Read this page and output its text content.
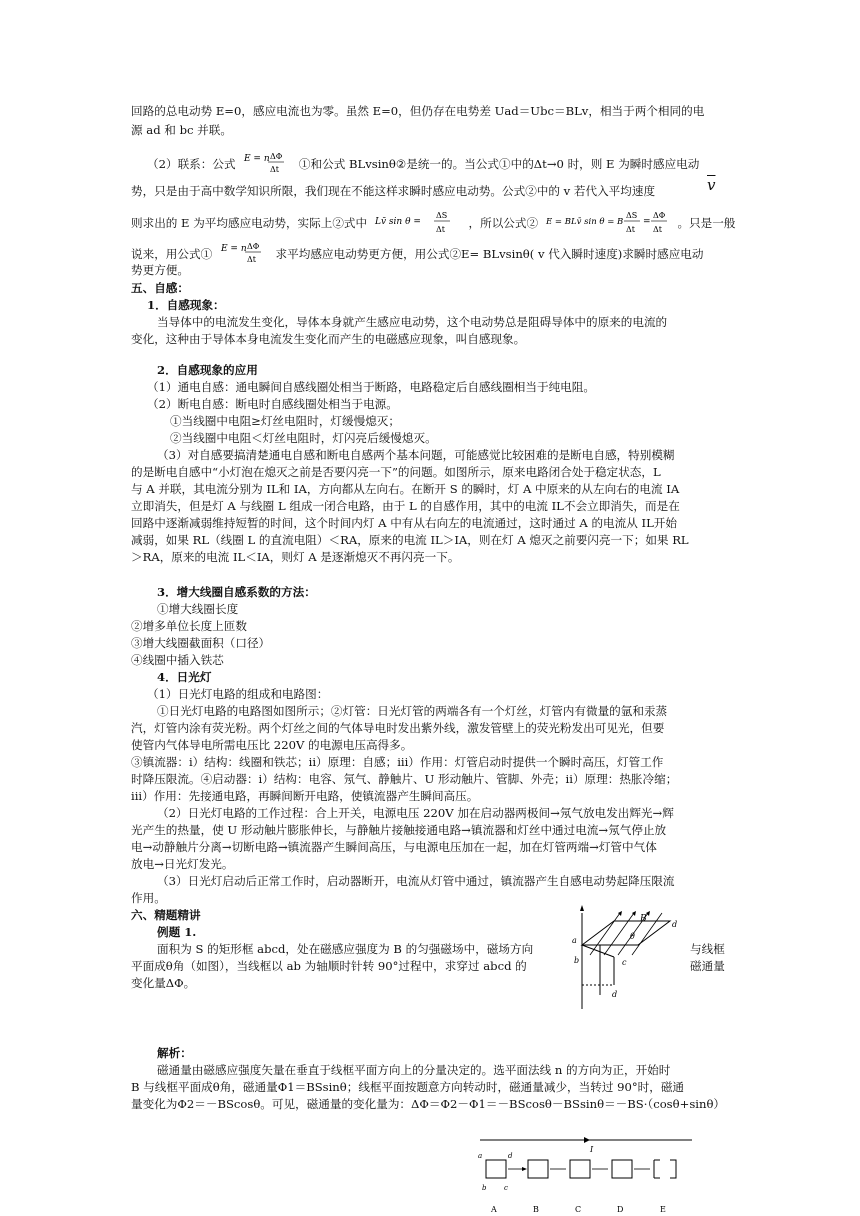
回路的总电动势 E=0，感应电流也为零。虽然 E=0，但仍存在电势差 Uad＝Ubc＝BLv，相当于两个相同的电
源 ad 和 bc 并联。
（2）联系：公式 E = n ΔΦ
Δt ①和公式 BLvsinθ②是统一的。当公式①中的Δt→0 时，则 E 为瞬时感应电动
势，只是由于高中数学知识所限，我们现在不能这样求瞬时感应电动势。公式②中的 v 若代入平均速度	$\overline{v}$
则求出的 E 为平均感应电动势，实际上②式中 Lv̄ sin θ =
ΔS
Δt ，所以公式② E = BLv̄ sin θ = B
ΔS
Δt
=
ΔΦ
Δt 。只是一般
说来，用公式① E = n ΔΦ
Δt 求平均感应电动势更方便，用公式②E= BLvsinθ( v 代入瞬时速度)求瞬时感应电动
势更方便。
五、自感：
1．自感现象：
当导体中的电流发生变化，导体本身就产生感应电动势，这个电动势总是阻碍导体中的原来的电流的
变化，这种由于导体本身电流发生变化而产生的电磁感应现象，叫自感现象。
2．自感现象的应用
（1）通电自感：通电瞬间自感线圈处相当于断路，电路稳定后自感线圈相当于纯电阻。
（2）断电自感：断电时自感线圈处相当于电源。
①当线圈中电阻≥灯丝电阻时，灯缓慢熄灭；
②当线圈中电阻＜灯丝电阻时，灯闪亮后缓慢熄灭。
（3）对自感要搞清楚通电自感和断电自感两个基本问题，可能感觉比较困难的是断电自感，特别模糊
的是断电自感中“小灯泡在熄灭之前是否要闪亮一下”的问题。如图所示，原来电路闭合处于稳定状态，L
与 A 并联，其电流分别为 IL和 IA，方向都从左向右。在断开 S 的瞬时，灯 A 中原来的从左向右的电流 IA
立即消失，但是灯 A 与线圈 L 组成一闭合电路，由于 L 的自感作用，其中的电流 IL不会立即消失，而是在
回路中逐渐减弱维持短暂的时间，这个时间内灯 A 中有从右向左的电流通过，这时通过 A 的电流从 IL开始
减弱，如果 RL（线圈 L 的直流电阻）＜RA，原来的电流 IL＞IA，则在灯 A 熄灭之前要闪亮一下；如果 RL
＞RA，原来的电流 IL＜IA，则灯 A 是逐渐熄灭不再闪亮一下。
3．增大线圈自感系数的方法：
①增大线圈长度
②增多单位长度上匝数
③增大线圈截面积（口径）
④线圈中插入铁芯
4．日光灯
（1）日光灯电路的组成和电路图：
①日光灯电路的电路图如图所示；②灯管：日光灯管的两端各有一个灯丝，灯管内有微量的氩和汞蒸
汽，灯管内涂有荧光粉。两个灯丝之间的气体导电时发出紫外线，激发管壁上的荧光粉发出可见光，但要
使管内气体导电所需电压比 220V 的电源电压高得多。
③镇流器：i）结构：线圈和铁芯；ii）原理：自感；iii）作用：灯管启动时提供一个瞬时高压，灯管工作
时降压限流。④启动器：i）结构：电容、氖气、静触片、U 形动触片、管脚、外壳；ii）原理：热胀冷缩；
iii）作用：先接通电路，再瞬间断开电路，使镇流器产生瞬间高压。
（2）日光灯电路的工作过程：合上开关，电源电压 220V 加在启动器两极间→氖气放电发出辉光→辉
光产生的热量，使 U 形动触片膨胀伸长，与静触片接触接通电路→镇流器和灯丝中通过电流→氖气停止放
电→动静触片分离→切断电路→镇流器产生瞬间高压，与电源电压加在一起，加在灯管两端→灯管中气体
放电→日光灯发光。
（3）日光灯启动后正常工作时，启动器断开，电流从灯管中通过，镇流器产生自感电动势起降压限流
作用。
六、精题精讲
例题 1.
面积为 S 的矩形框 abcd，处在磁感应强度为 B 的匀强磁场中，磁场方向	与线框
平面成θ角（如图），当线框以 ab 为轴顺时针转 90°过程中，求穿过 abcd 的	磁通量
变化量ΔΦ。
B
d
a
b	c
d
θ
解析：
磁通量由磁感应强度矢量在垂直于线框平面方向上的分量决定的。选平面法线 n 的方向为正，开始时
B 与线框平面成θ角，磁通量Φ1＝BSsinθ；线框平面按题意方向转动时，磁通量减少，当转过 90°时，磁通
量变化为Φ2＝－BScosθ。可见，磁通量的变化量为：ΔΦ＝Φ2－Φ1＝－BScosθ－BSsinθ＝－BS·（cosθ+sinθ）
I
a	d
b	c
A	B	C	D	E
